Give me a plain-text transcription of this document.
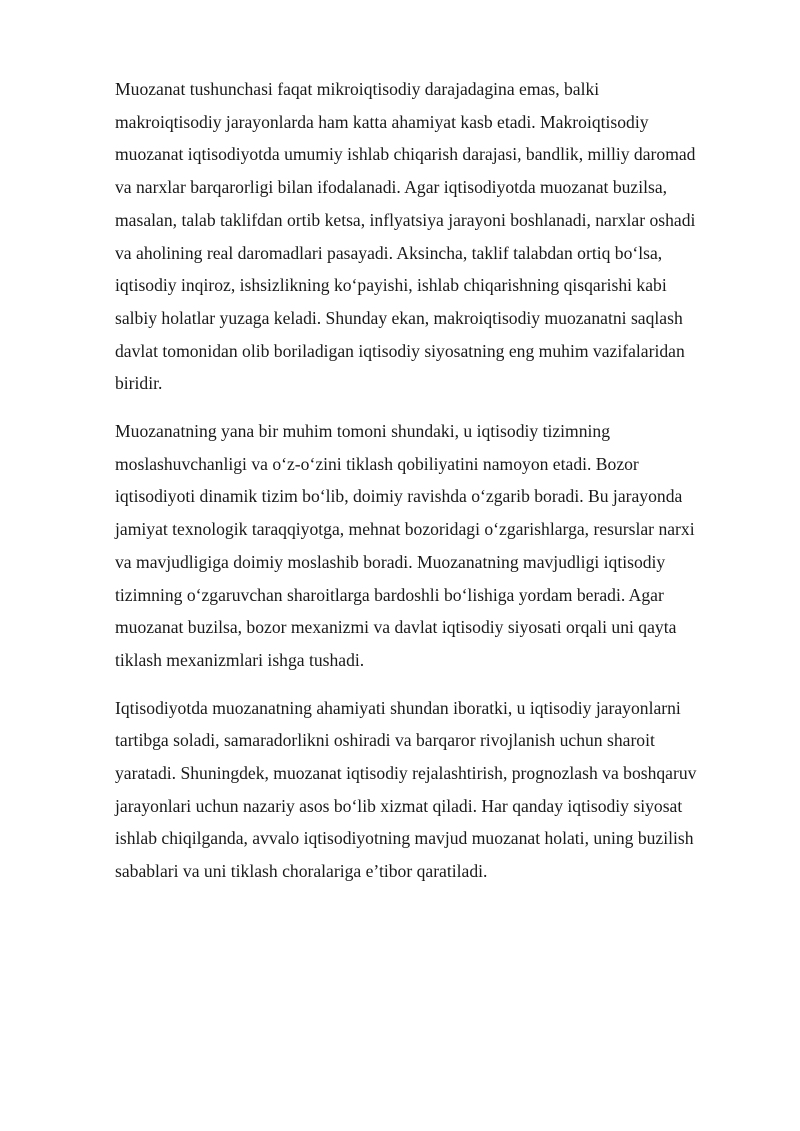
Muozanat tushunchasi faqat mikroiqtisodiy darajadagina emas, balki
makroiqtisodiy jarayonlarda ham katta ahamiyat kasb etadi. Makroiqtisodiy
muozanat iqtisodiyotda umumiy ishlab chiqarish darajasi, bandlik, milliy daromad
va narxlar barqarorligi bilan ifodalanadi. Agar iqtisodiyotda muozanat buzilsa,
masalan, talab taklifdan ortib ketsa, inflyatsiya jarayoni boshlanadi, narxlar oshadi
va aholining real daromadlari pasayadi. Aksincha, taklif talabdan ortiq bo‘lsa,
iqtisodiy inqiroz, ishsizlikning ko‘payishi, ishlab chiqarishning qisqarishi kabi
salbiy holatlar yuzaga keladi. Shunday ekan, makroiqtisodiy muozanatni saqlash
davlat tomonidan olib boriladigan iqtisodiy siyosatning eng muhim vazifalaridan
biridir.

Muozanatning yana bir muhim tomoni shundaki, u iqtisodiy tizimning
moslashuvchanligi va o‘z-o‘zini tiklash qobiliyatini namoyon etadi. Bozor
iqtisodiyoti dinamik tizim bo‘lib, doimiy ravishda o‘zgarib boradi. Bu jarayonda
jamiyat texnologik taraqqiyotga, mehnat bozoridagi o‘zgarishlarga, resurslar narxi
va mavjudligiga doimiy moslashib boradi. Muozanatning mavjudligi iqtisodiy
tizimning o‘zgaruvchan sharoitlarga bardoshli bo‘lishiga yordam beradi. Agar
muozanat buzilsa, bozor mexanizmi va davlat iqtisodiy siyosati orqali uni qayta
tiklash mexanizmlari ishga tushadi.

Iqtisodiyotda muozanatning ahamiyati shundan iboratki, u iqtisodiy jarayonlarni
tartibga soladi, samaradorlikni oshiradi va barqaror rivojlanish uchun sharoit
yaratadi. Shuningdek, muozanat iqtisodiy rejalashtirish, prognozlash va boshqaruv
jarayonlari uchun nazariy asos bo‘lib xizmat qiladi. Har qanday iqtisodiy siyosat
ishlab chiqilganda, avvalo iqtisodiyotning mavjud muozanat holati, uning buzilish
sabablari va uni tiklash choralariga e’tibor qaratiladi.
